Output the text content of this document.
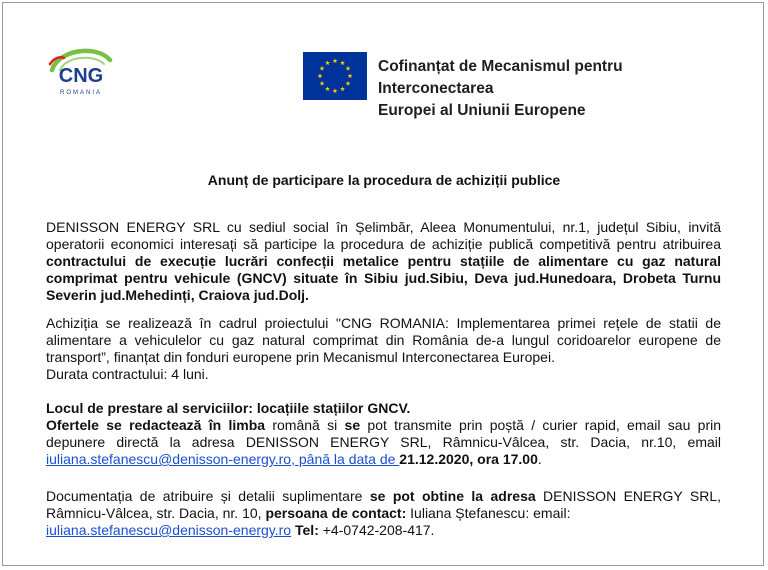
CNG
ROMANIA
Cofinanțat de Mecanismul pentru Interconectarea
Europei al Uniunii Europene
Anunț de participare la procedura de achiziții publice
DENISSON ENERGY SRL cu sediul social în Șelimbăr, Aleea Monumentului, nr.1, județul Sibiu, invită operatorii economici interesați să participe la procedura de achiziție publică competitivă pentru atribuirea contractului de execuție lucrări confecții metalice pentru stațiile de alimentare cu gaz natural comprimat pentru vehicule (GNCV) situate în Sibiu jud.Sibiu, Deva jud.Hunedoara, Drobeta Turnu Severin jud.Mehedinți, Craiova jud.Dolj.
Achiziția se realizează în cadrul proiectului "CNG ROMANIA: Implementarea primei rețele de statii de alimentare a vehiculelor cu gaz natural comprimat din România de-a lungul coridoarelor europene de transport”, finanțat din fonduri europene prin Mecanismul Interconectarea Europei.
Durata contractului: 4 luni.
Locul de prestare al serviciilor: locațiile stațiilor GNCV.
Ofertele se redactează în limba română si se pot transmite prin poștă / curier rapid, email sau prin depunere directă la adresa DENISSON ENERGY SRL, Râmnicu-Vâlcea, str. Dacia, nr.10, email iuliana.stefanescu@denisson-energy.ro, până la data de 21.12.2020, ora 17.00.
Documentația de atribuire și detalii suplimentare se pot obtine la adresa DENISSON ENERGY SRL, Râmnicu-Vâlcea, str. Dacia, nr. 10, persoana de contact: Iuliana Ștefanescu: email:
iuliana.stefanescu@denisson-energy.ro Tel: +4-0742-208-417.
